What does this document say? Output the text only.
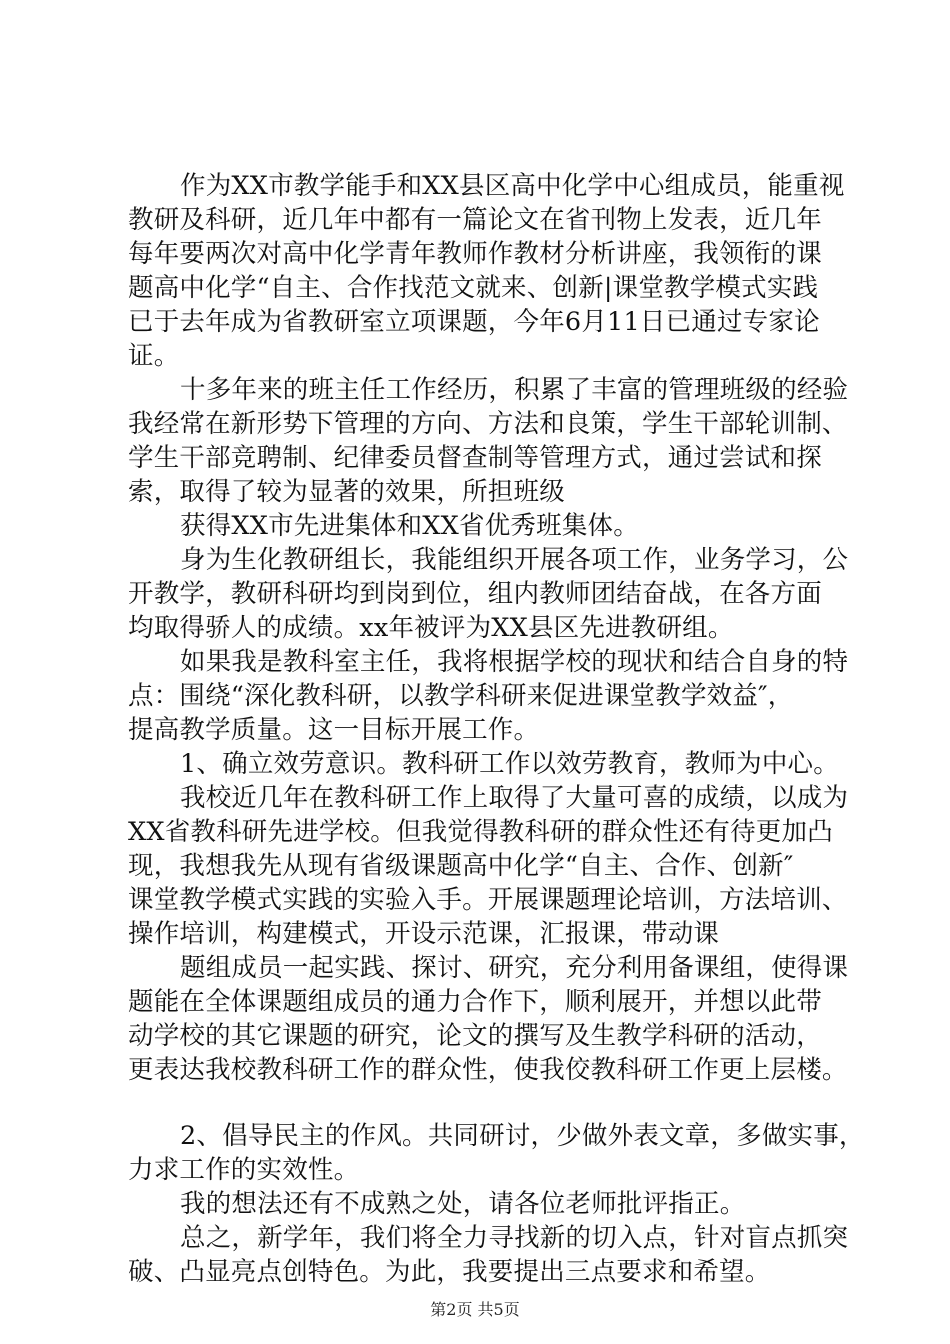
作为XX市教学能手和XX县区高中化学中心组成员，能重视
教研及科研，近几年中都有一篇论文在省刊物上发表，近几年
每年要两次对高中化学青年教师作教材分析讲座，我领衔的课
题高中化学“自主、合作找范文就来、创新|课堂教学模式实践
已于去年成为省教研室立项课题，今年6月11日已通过专家论
证。
十多年来的班主任工作经历，积累了丰富的管理班级的经验
我经常在新形势下管理的方向、方法和良策，学生干部轮训制、
学生干部竞聘制、纪律委员督查制等管理方式，通过尝试和探
索，取得了较为显著的效果，所担班级
获得XX市先进集体和XX省优秀班集体。
身为生化教研组长，我能组织开展各项工作，业务学习，公
开教学，教研科研均到岗到位，组内教师团结奋战，在各方面
均取得骄人的成绩。xx年被评为XX县区先进教研组。
如果我是教科室主任，我将根据学校的现状和结合自身的特
点：围绕“深化教科研，以教学科研来促进课堂教学效益″，
提高教学质量。这一目标开展工作。
1、确立效劳意识。教科研工作以效劳教育，教师为中心。
我校近几年在教科研工作上取得了大量可喜的成绩，以成为
XX省教科研先进学校。但我觉得教科研的群众性还有待更加凸
现，我想我先从现有省级课题高中化学“自主、合作、创新″
课堂教学模式实践的实验入手。开展课题理论培训，方法培训、
操作培训，构建模式，开设示范课，汇报课，带动课
题组成员一起实践、探讨、研究，充分利用备课组，使得课
题能在全体课题组成员的通力合作下，顺利展开，并想以此带
动学校的其它课题的研究，论文的撰写及生教学科研的活动，
更表达我校教科研工作的群众性，使我佼教科研工作更上层楼。
2、倡导民主的作风。共同研讨，少做外表文章，多做实事，
力求工作的实效性。
我的想法还有不成熟之处，请各位老师批评指正。
总之，新学年，我们将全力寻找新的切入点，针对盲点抓突
破、凸显亮点创特色。为此，我要提出三点要求和希望。
第2页 共5页
